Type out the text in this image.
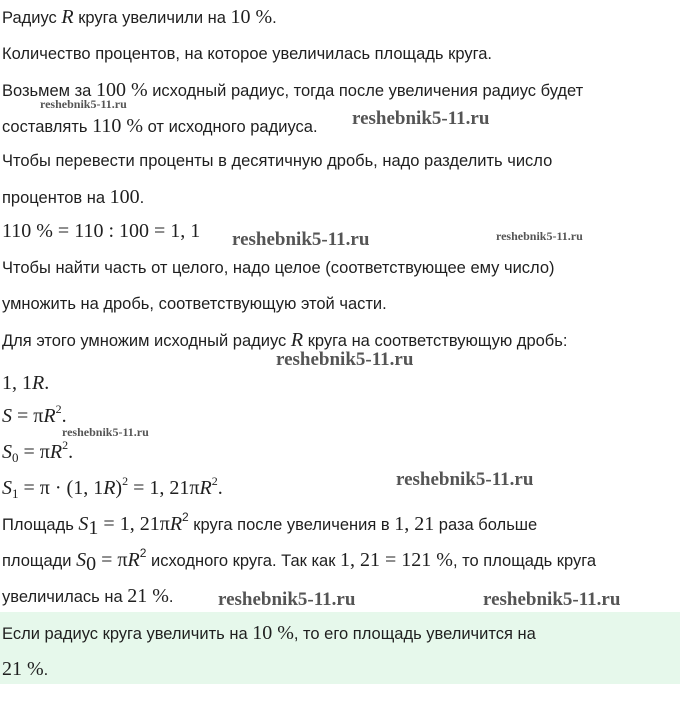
Радиус R круга увеличили на 10 %.
Количество процентов, на которое увеличилась площадь круга.
Возьмем за 100 % исходный радиус, тогда после увеличения радиус будет
составлять 110 % от исходного радиуса.
Чтобы перевести проценты в десятичную дробь, надо разделить число
процентов на 100.
110 % = 110 : 100 = 1, 1
Чтобы найти часть от целого, надо целое (соответствующее ему число)
умножить на дробь, соответствующую этой части.
Для этого умножим исходный радиус R круга на соответствующую дробь:
1, 1R.
$S = \pi R^2$.
$S_0 = \pi R^2$.
$S_1 = \pi \cdot (1$, 1R)$^2$ = 1, $21\pi R^2$.
Площадь $S_1 = 1$, $21\pi R^2$ круга после увеличения в 1, 21 раза больше
площади $S_0 = \pi R^2$ исходного круга. Так как 1, 21 = 121 %, то площадь круга
увеличилась на 21 %.
Если радиус круга увеличить на 10 %, то его площадь увеличится на
21 %.
reshebnik5-11.ru
reshebnik5-11.ru
reshebnik5-11.ru	reshebnik5-11.ru
reshebnik5-11.ru
reshebnik5-11.ru
reshebnik5-11.ru
reshebnik5-11.ru	reshebnik5-11.ru
